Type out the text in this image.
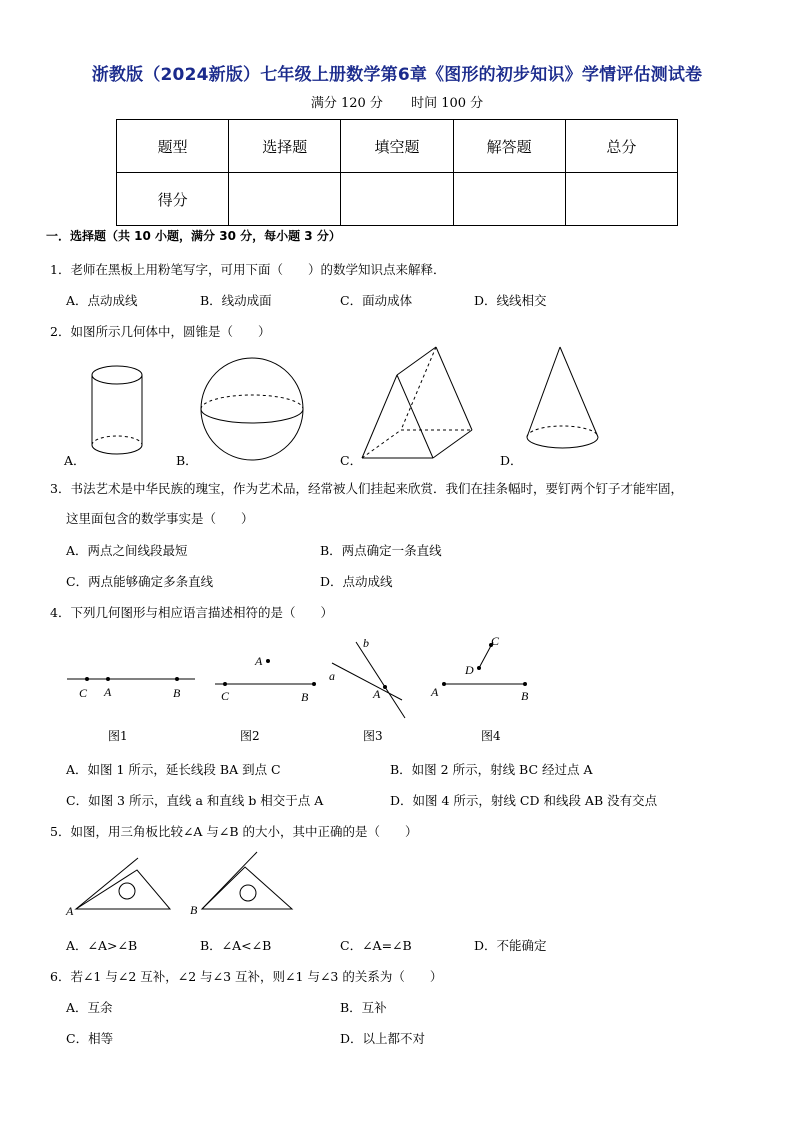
浙教版（2024新版）七年级上册数学第6章《图形的初步知识》学情评估测试卷
满分 120 分 时间 100 分
题型	选择题	填空题	解答题	总分
得分				
一．选择题（共 10 小题，满分 30 分，每小题 3 分）
1．老师在黑板上用粉笔写字，可用下面（　　）的数学知识点来解释．
A．点动成线	B．线动成面	C．面动成体	D．线线相交
2．如图所示几何体中，圆锥是（　　）
A．	B．	C．	D．
3．书法艺术是中华民族的瑰宝，作为艺术品，经常被人们挂起来欣赏．我们在挂条幅时，要钉两个钉子才能牢固，
这里面包含的数学事实是（　　）
A．两点之间线段最短	B．两点确定一条直线
C．两点能够确定多条直线	D．点动成线
4．下列几何图形与相应语言描述相符的是（　　）
C A	B
A
C	B
b
a
A
C
D
A	B
图1	图2	图3	图4
A．如图 1 所示，延长线段 BA 到点 C	B．如图 2 所示，射线 BC 经过点 A
C．如图 3 所示，直线 a 和直线 b 相交于点 A	D．如图 4 所示，射线 CD 和线段 AB 没有交点
5．如图，用三角板比较∠A 与∠B 的大小，其中正确的是（　　）
A	B
A．∠A>∠B	B．∠A<∠B	C．∠A=∠B	D．不能确定
6．若∠1 与∠2 互补，∠2 与∠3 互补，则∠1 与∠3 的关系为（　　）
A．互余	B．互补
C．相等	D．以上都不对
